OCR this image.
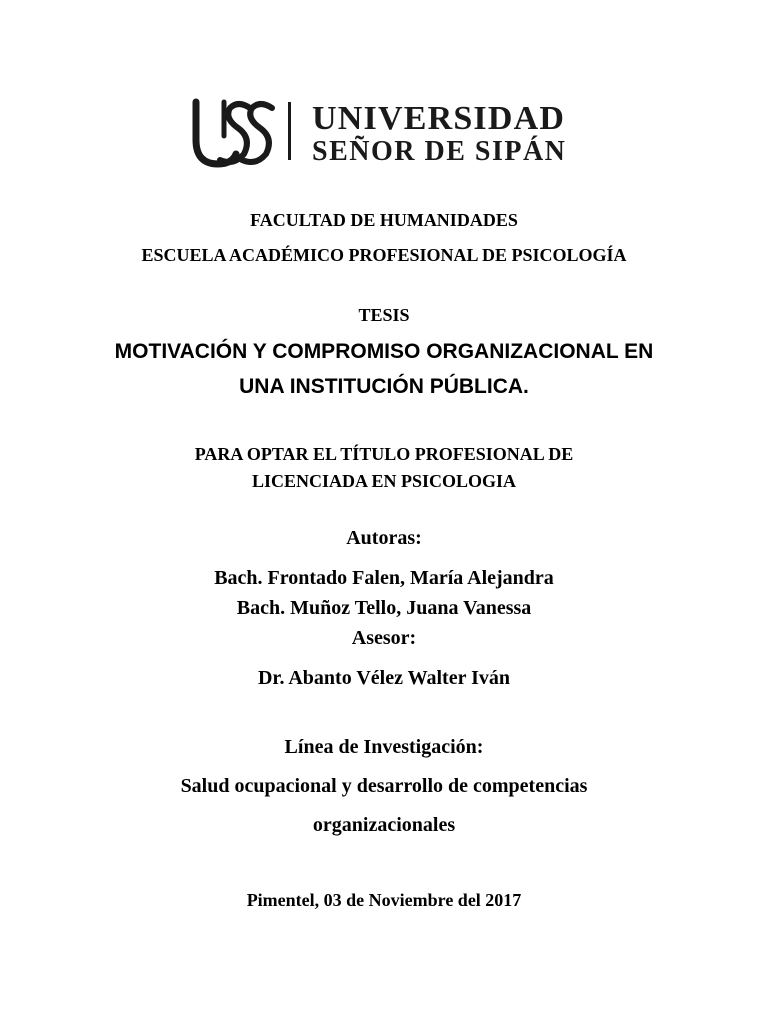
UNIVERSIDAD
SEÑOR DE SIPÁN
FACULTAD DE HUMANIDADES
ESCUELA ACADÉMICO PROFESIONAL DE PSICOLOGÍA
TESIS
MOTIVACIÓN Y COMPROMISO ORGANIZACIONAL EN
UNA INSTITUCIÓN PÚBLICA.
PARA OPTAR EL TÍTULO PROFESIONAL DE
LICENCIADA EN PSICOLOGIA
Autoras:
Bach. Frontado Falen, María Alejandra
Bach. Muñoz Tello, Juana Vanessa
Asesor:
Dr. Abanto Vélez Walter Iván
Línea de Investigación:
Salud ocupacional y desarrollo de competencias
organizacionales
Pimentel, 03 de Noviembre del 2017
